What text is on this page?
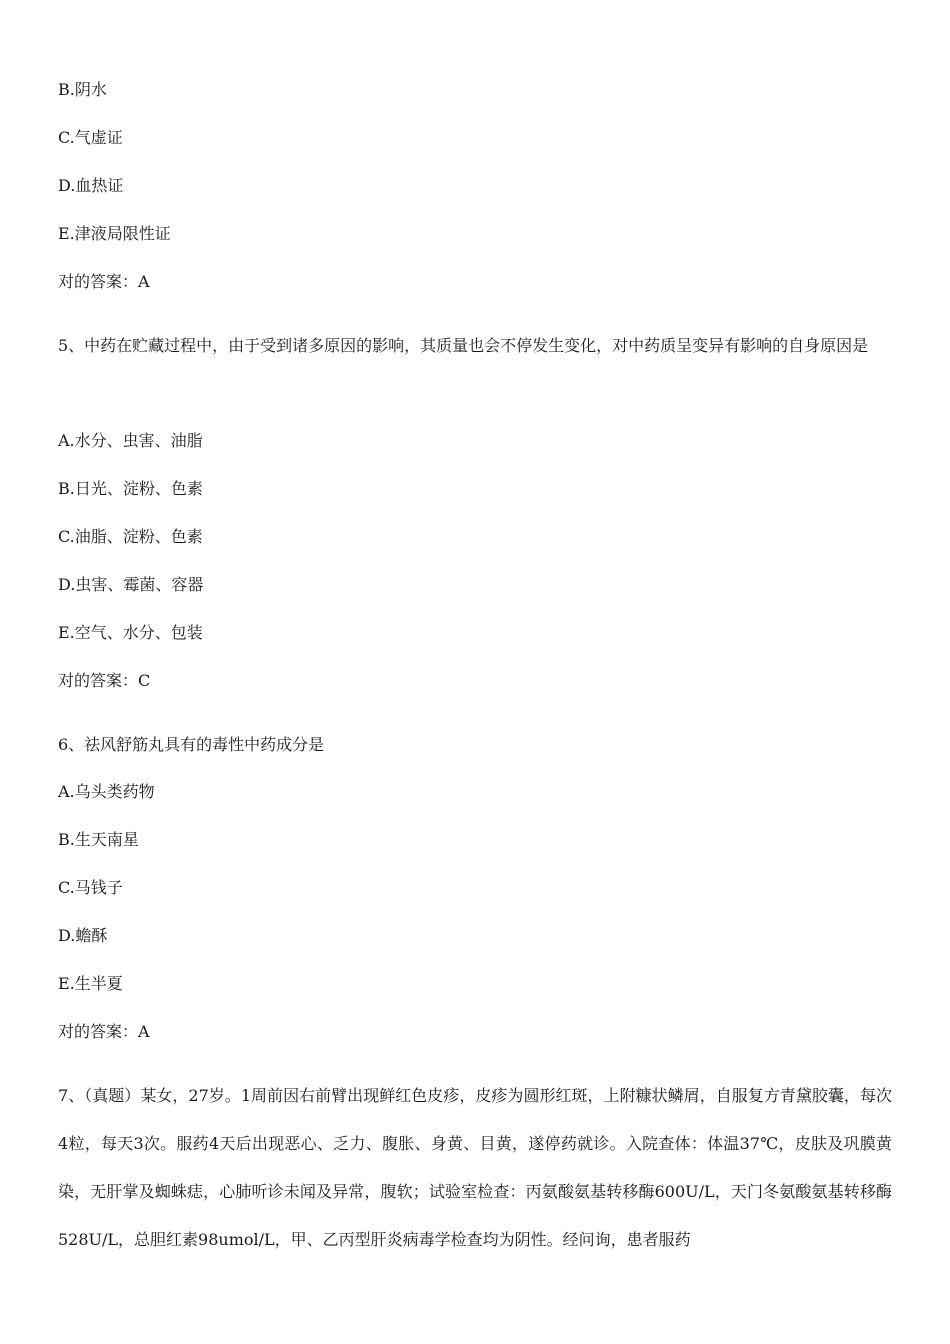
B.阴水
C.气虚证
D.血热证
E.津液局限性证
对的答案：A
5、中药在贮藏过程中，由于受到诸多原因的影响，其质量也会不停发生变化，对中药质呈变异有影响的自身原因是
A.水分、虫害、油脂
B.日光、淀粉、色素
C.油脂、淀粉、色素
D.虫害、霉菌、容器
E.空气、水分、包装
对的答案：C
6、祛风舒筋丸具有的毒性中药成分是
A.乌头类药物
B.生天南星
C.马钱子
D.蟾酥
E.生半夏
对的答案：A
7、（真题）某女，27岁。1周前因右前臂出现鲜红色皮疹，皮疹为圆形红斑，上附糠状鳞屑，自服复方青黛胶囊，每次4粒，每天3次。服药4天后出现恶心、乏力、腹胀、身黄、目黄，遂停药就诊。入院查体：体温37℃，皮肤及巩膜黄染，无肝掌及蜘蛛痣，心肺听诊未闻及异常，腹软；试验室检查：丙氨酸氨基转移酶600U/L，天门冬氨酸氨基转移酶528U/L，总胆红素98umol/L，甲、乙丙型肝炎病毒学检查均为阴性。经问询，患者服药
